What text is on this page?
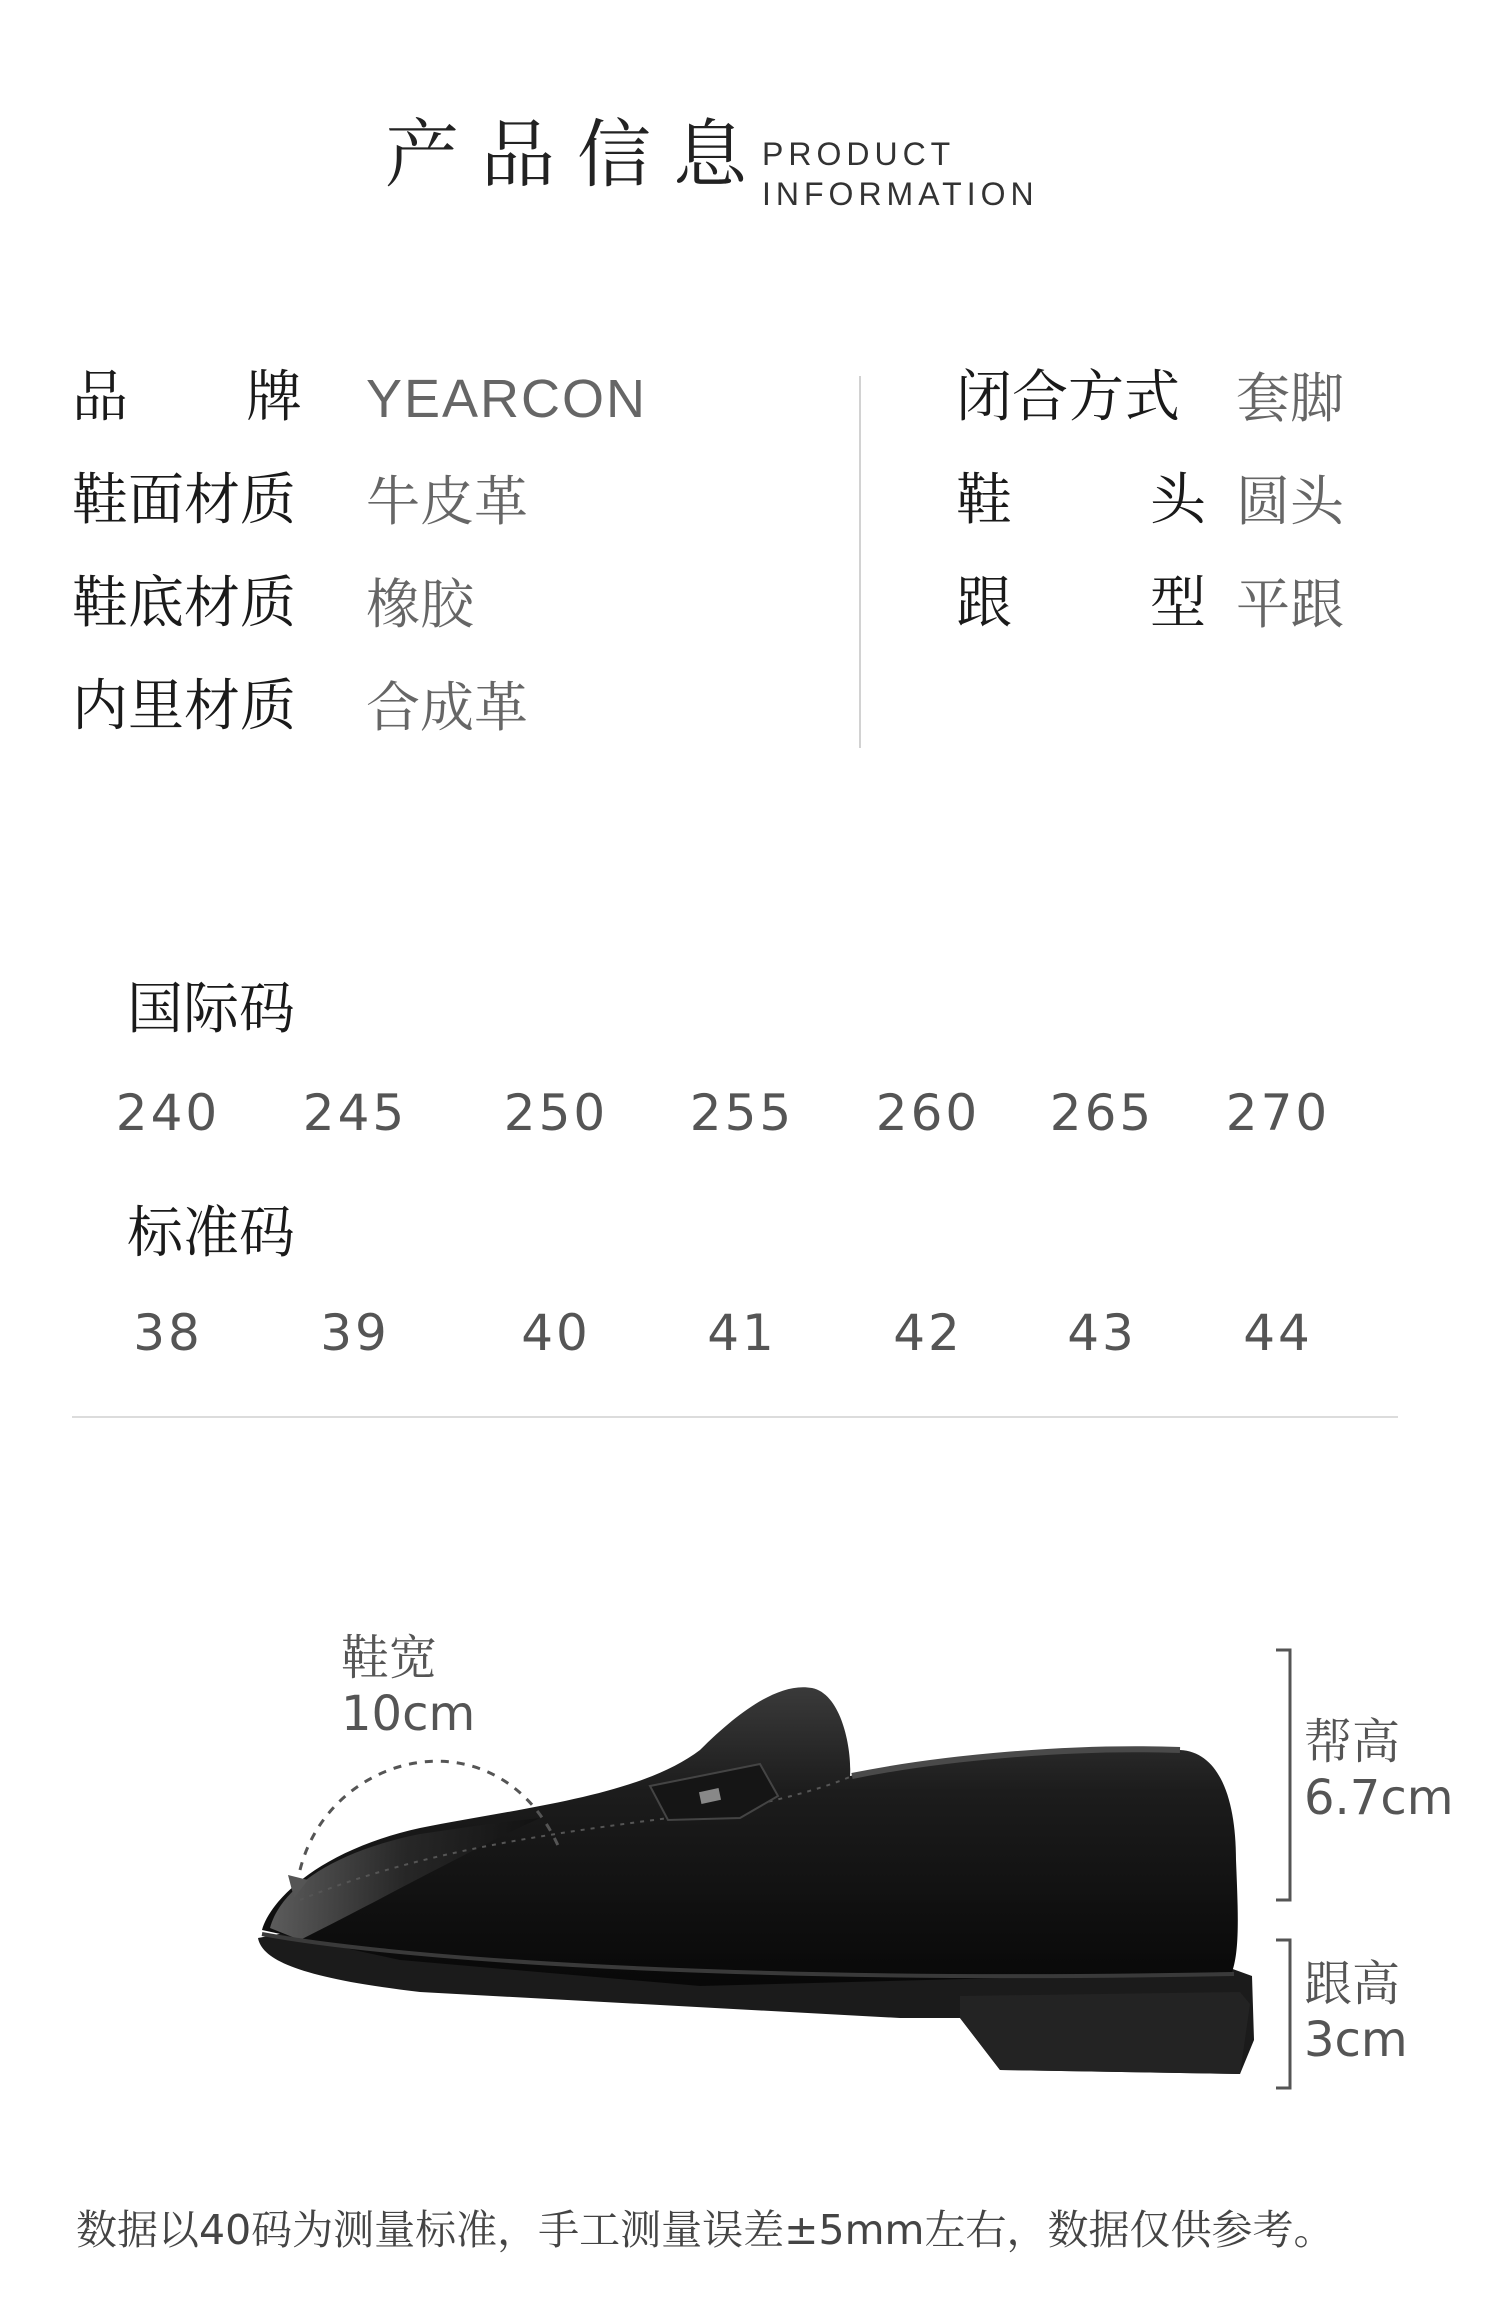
产品信息
PRODUCT
INFORMATION
品 牌 YEARCON
鞋面材质 牛皮革
鞋底材质 橡胶
内里材质 合成革
闭合方式 套脚
鞋 头 圆头
跟 型 平跟
国际码
240	245	250	255	260	265	270
标准码
38	39	40	41	42	43	44
鞋宽
10cm	帮高
6.7cm
跟高
3cm
数据以40码为测量标准，手工测量误差±5mm左右，数据仅供参考。
